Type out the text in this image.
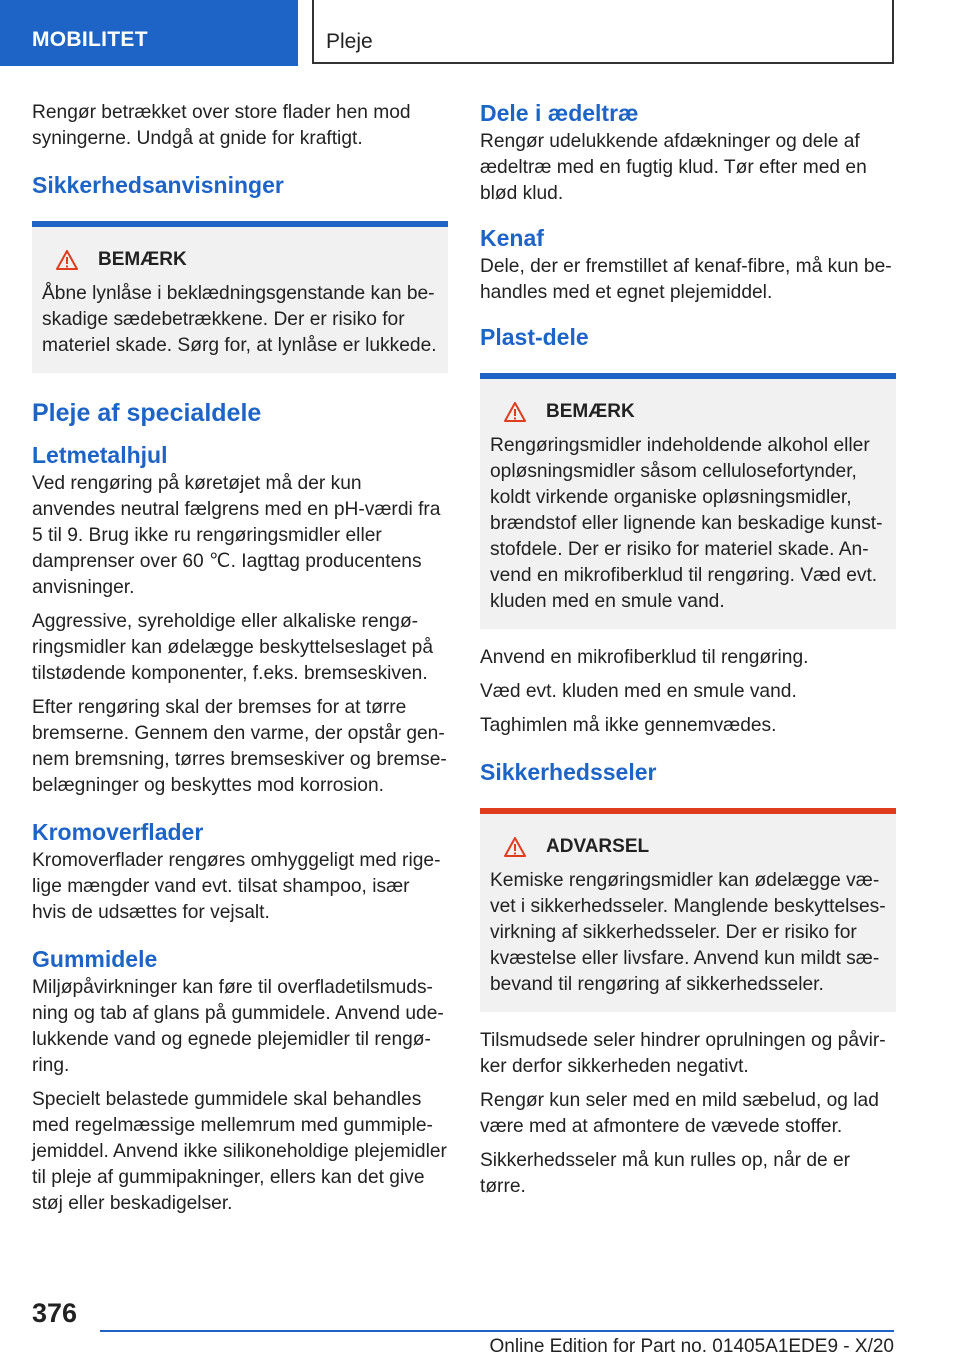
MOBILITET	Pleje

Rengør betrækket over store flader hen mod syningerne. Undgå at gnide for kraftigt.

Sikkerhedsanvisninger
BEMÆRK

Åbne lynlåse i beklædningsgenstande kan beskadige sædebetrækkene. Der er risiko for materiel skade. Sørg for, at lynlåse er lukkede.

Pleje af specialdele
Letmetalhjul

Ved rengøring på køretøjet må der kun anvendes neutral fælgrens med en pH-værdi fra 5 til 9. Brug ikke ru rengøringsmidler eller damprenser over 60 ℃. Iagttag producentens anvisninger.

Aggressive, syreholdige eller alkaliske rengøringsmidler kan ødelægge beskyttelseslaget på tilstødende komponenter, f.eks. bremseskiven.

Efter rengøring skal der bremses for at tørre bremserne. Gennem den varme, der opstår gennem bremsning, tørres bremseskiver og bremsebelægninger og beskyttes mod korrosion.

Kromoverflader

Kromoverflader rengøres omhyggeligt med rigelige mængder vand evt. tilsat shampoo, især hvis de udsættes for vejsalt.

Gummidele

Miljøpåvirkninger kan føre til overfladetilsmudsning og tab af glans på gummidele. Anvend udelukkende vand og egnede plejemidler til rengøring.

Specielt belastede gummidele skal behandles med regelmæssige mellemrum med gummiplejemiddel. Anvend ikke silikoneholdige plejemidler til pleje af gummipakninger, ellers kan det give støj eller beskadigelser.

Dele i ædeltræ

Rengør udelukkende afdækninger og dele af ædeltræ med en fugtig klud. Tør efter med en blød klud.

Kenaf

Dele, der er fremstillet af kenaf-fibre, må kun behandles med et egnet plejemiddel.

Plast-dele
BEMÆRK

Rengøringsmidler indeholdende alkohol eller opløsningsmidler såsom cellulosefortynder, koldt virkende organiske opløsningsmidler, brændstof eller lignende kan beskadige kunststofdele. Der er risiko for materiel skade. Anvend en mikrofiberklud til rengøring. Væd evt. kluden med en smule vand.

Anvend en mikrofiberklud til rengøring.

Væd evt. kluden med en smule vand.

Taghimlen må ikke gennemvædes.

Sikkerhedsseler
ADVARSEL

Kemiske rengøringsmidler kan ødelægge vævet i sikkerhedsseler. Manglende beskyttelsesvirkning af sikkerhedsseler. Der er risiko for kvæstelse eller livsfare. Anvend kun mildt sæbevand til rengøring af sikkerhedsseler.

Tilsmudsede seler hindrer oprulningen og påvirker derfor sikkerheden negativt.

Rengør kun seler med en mild sæbelud, og lad være med at afmontere de vævede stoffer.

Sikkerhedsseler må kun rulles op, når de er tørre.

376
Online Edition for Part no. 01405A1EDE9 - X/20
